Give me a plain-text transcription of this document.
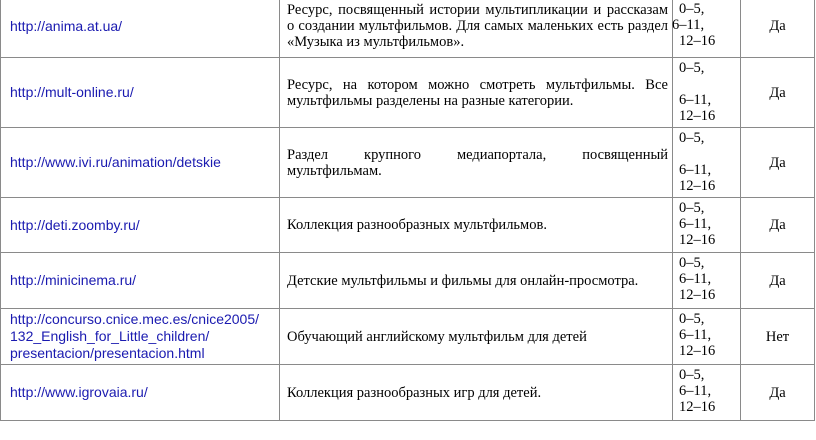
http://anima.at.ua/	Ресурс, посвященный истории мультипликации и рассказам о создании мультфильмов. Для самых маленьких есть раздел «Музыка из мультфильмов».	0–5,
6–11,
12–16	Да
http://mult-online.ru/	Ресурс, на котором можно смотреть мультфильмы. Все мультфильмы разделены на разные категории.	0–5,
6–11,
12–16	Да
http://www.ivi.ru/animation/detskie	Раздел крупного медиапортала, посвященный мультфильмам.	0–5,
6–11,
12–16	Да
http://deti.zoomby.ru/	Коллекция разнообразных мультфильмов.	0–5,
6–11,
12–16	Да
http://minicinema.ru/	Детские мультфильмы и фильмы для онлайн-просмотра.	0–5,
6–11,
12–16	Да
http://concurso.cnice.mec.es/cnice2005/ 132_English_for_Little_children/ presentacion/presentacion.html	Обучающий английскому мультфильм для детей	0–5,
6–11,
12–16	Нет
http://www.igrovaia.ru/	Коллекция разнообразных игр для детей.	0–5,
6–11,
12–16	Да
